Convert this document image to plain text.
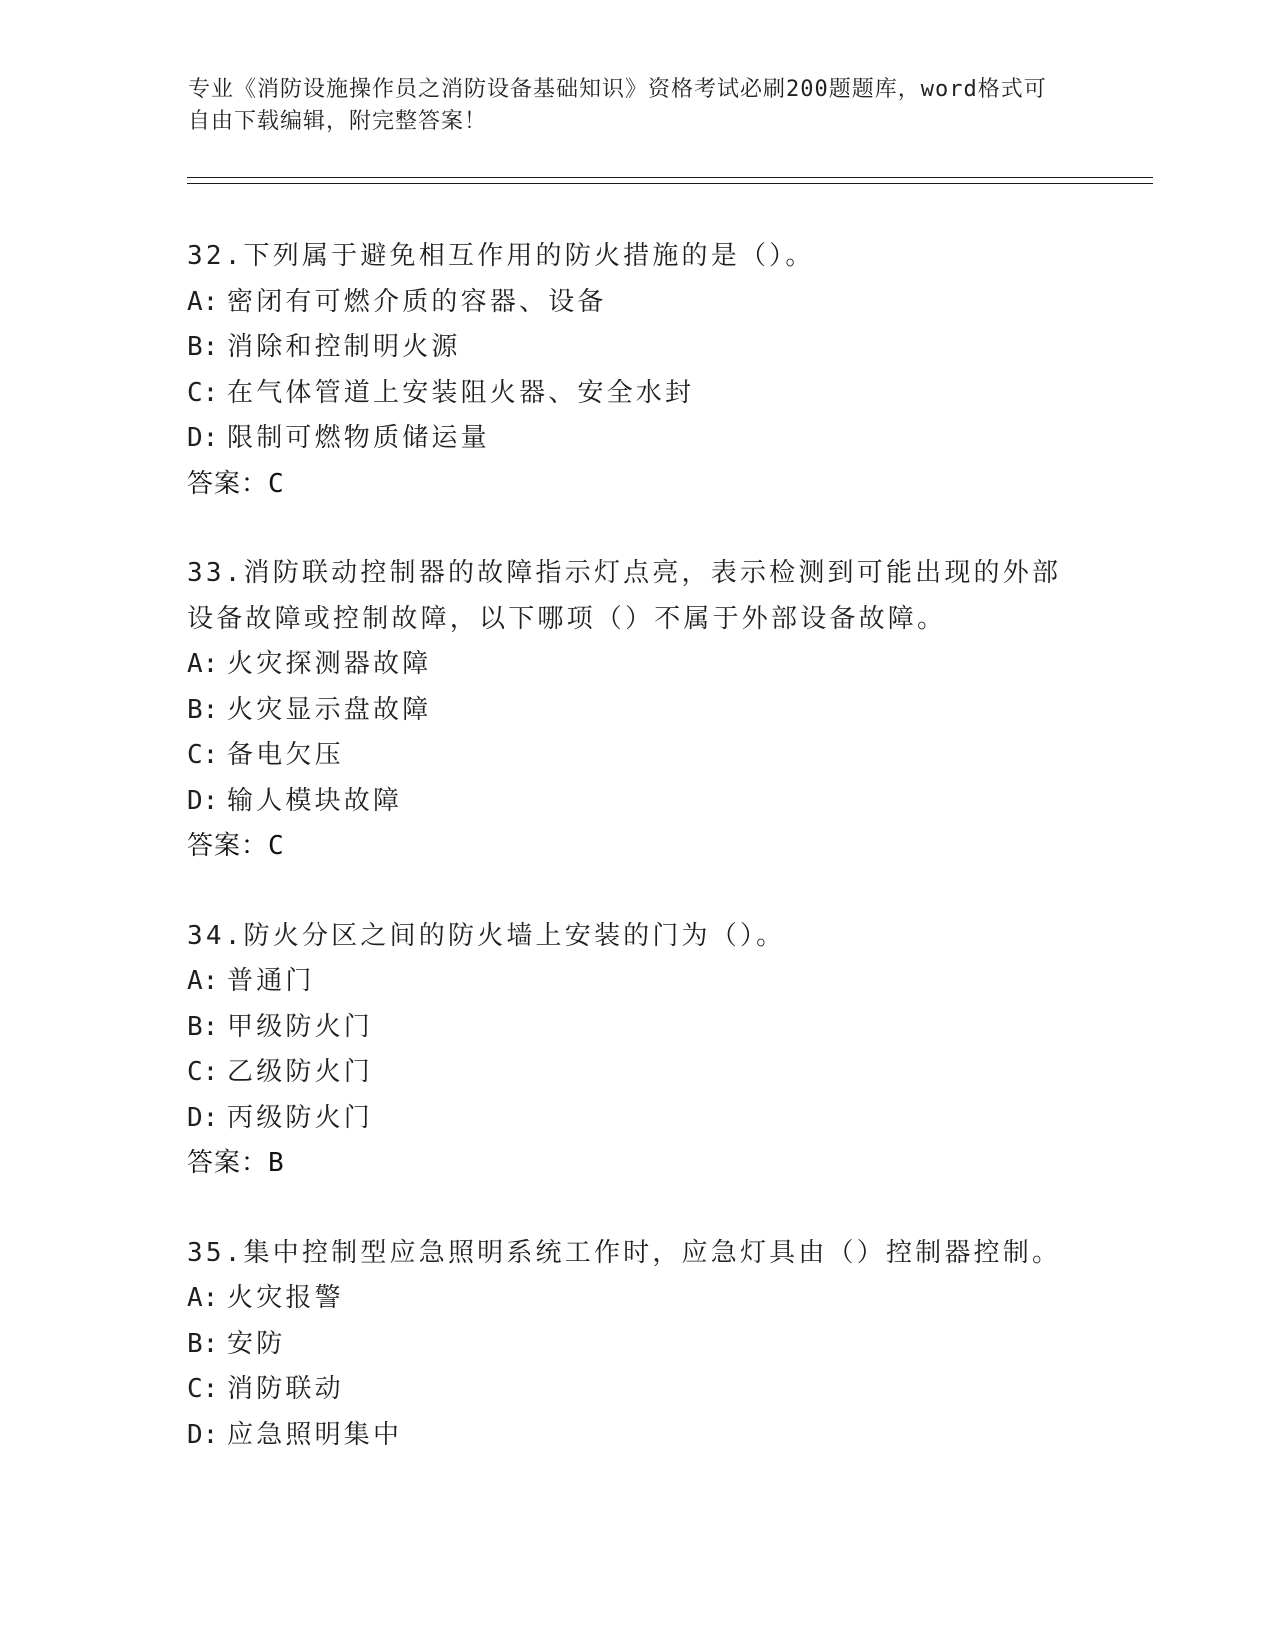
专业《消防设施操作员之消防设备基础知识》资格考试必刷200题题库，word格式可自由下载编辑，附完整答案！
32.下列属于避免相互作用的防火措施的是（）。
A: 密闭有可燃介质的容器、设备
B: 消除和控制明火源
C: 在气体管道上安装阻火器、安全水封
D: 限制可燃物质储运量
答案：C
33.消防联动控制器的故障指示灯点亮，表示检测到可能出现的外部设备故障或控制故障，以下哪项（）不属于外部设备故障。
A: 火灾探测器故障
B: 火灾显示盘故障
C: 备电欠压
D: 输人模块故障
答案：C
34.防火分区之间的防火墙上安装的门为（）。
A: 普通门
B: 甲级防火门
C: 乙级防火门
D: 丙级防火门
答案：B
35.集中控制型应急照明系统工作时，应急灯具由（）控制器控制。
A: 火灾报警
B: 安防
C: 消防联动
D: 应急照明集中
